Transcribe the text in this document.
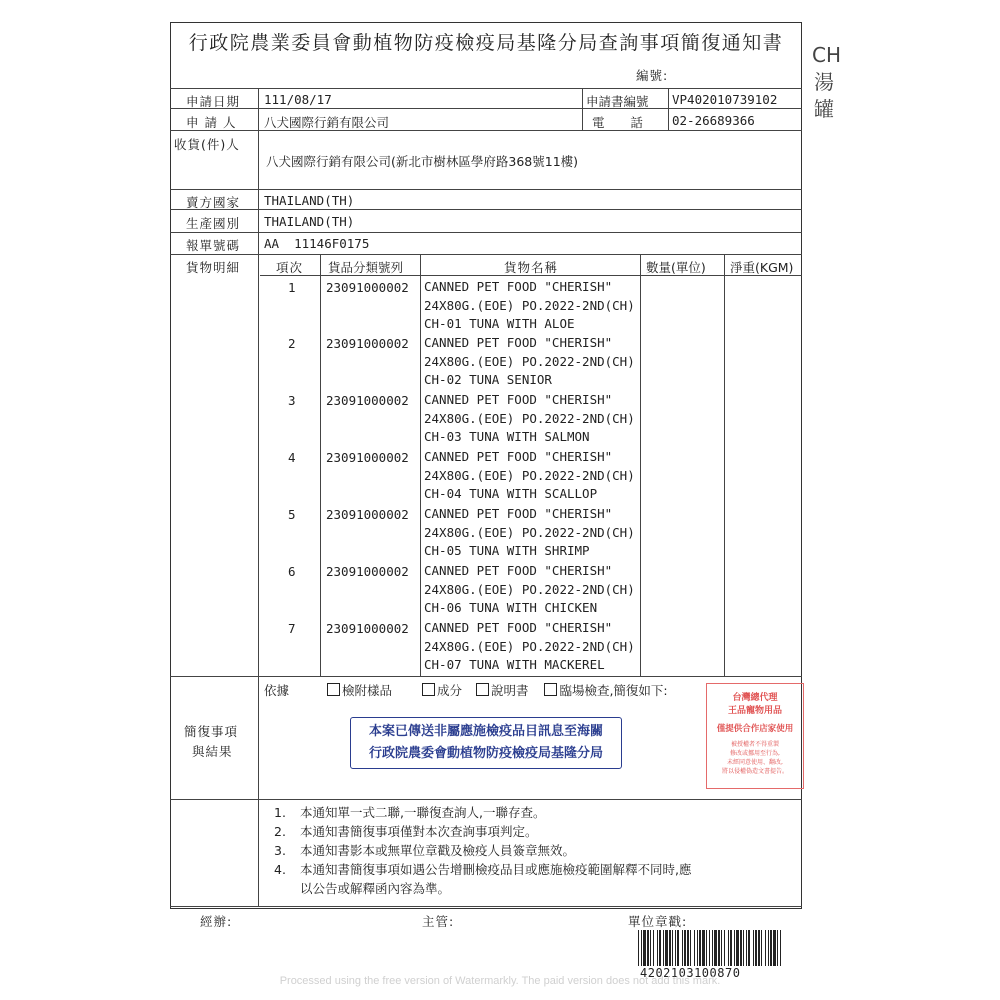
行政院農業委員會動植物防疫檢疫局基隆分局查詢事項簡復通知書	CH湯罐
編號:
申請日期 111/08/17	申請書編號 VP402010739102
申 請 人 八犬國際行銷有限公司	電     話 02-26689366
收貨(件)人
八犬國際行銷有限公司(新北市樹林區學府路368號11樓)
賣方國家 THAILAND(TH)
生產國別 THAILAND(TH)
報單號碼 AA  11146F0175
貨物明細	項次 貨品分類號列	貨物名稱	數量(單位) 淨重(KGM)
1 23091000002 CANNED PET FOOD "CHERISH"
24X80G.(EOE) PO.2022-2ND(CH)
CH-01 TUNA WITH ALOE
2 23091000002 CANNED PET FOOD "CHERISH"
24X80G.(EOE) PO.2022-2ND(CH)
CH-02 TUNA SENIOR
3 23091000002 CANNED PET FOOD "CHERISH"
24X80G.(EOE) PO.2022-2ND(CH)
CH-03 TUNA WITH SALMON
4 23091000002 CANNED PET FOOD "CHERISH"
24X80G.(EOE) PO.2022-2ND(CH)
CH-04 TUNA WITH SCALLOP
5 23091000002 CANNED PET FOOD "CHERISH"
24X80G.(EOE) PO.2022-2ND(CH)
CH-05 TUNA WITH SHRIMP
6 23091000002 CANNED PET FOOD "CHERISH"
24X80G.(EOE) PO.2022-2ND(CH)
CH-06 TUNA WITH CHICKEN
7 23091000002 CANNED PET FOOD "CHERISH"
24X80G.(EOE) PO.2022-2ND(CH)
CH-07 TUNA WITH MACKEREL
簡復事項
與結果
依據	檢附樣品	成分 說明書 臨場檢查,簡復如下:
本案已傳送非屬應施檢疫品目訊息至海關
行政院農委會動植物防疫檢疫局基隆分局
台灣總代理
王品寵物用品
僅提供合作店家使用
被授權者不得重製
修改或挪用至行為,
未經同意使用、翻改,
將以侵權偽造文書提告。
1. 本通知單一式二聯,一聯復查詢人,一聯存查。
2. 本通知書簡復事項僅對本次查詢事項判定。
3. 本通知書影本或無單位章戳及檢疫人員簽章無效。
4. 本通知書簡復事項如遇公告增刪檢疫品目或應施檢疫範圍解釋不同時,應
以公告或解釋函內容為準。
經辦:	主管:	單位章戳:
4202103100870
Processed using the free version of Watermarkly. The paid version does not add this mark.
